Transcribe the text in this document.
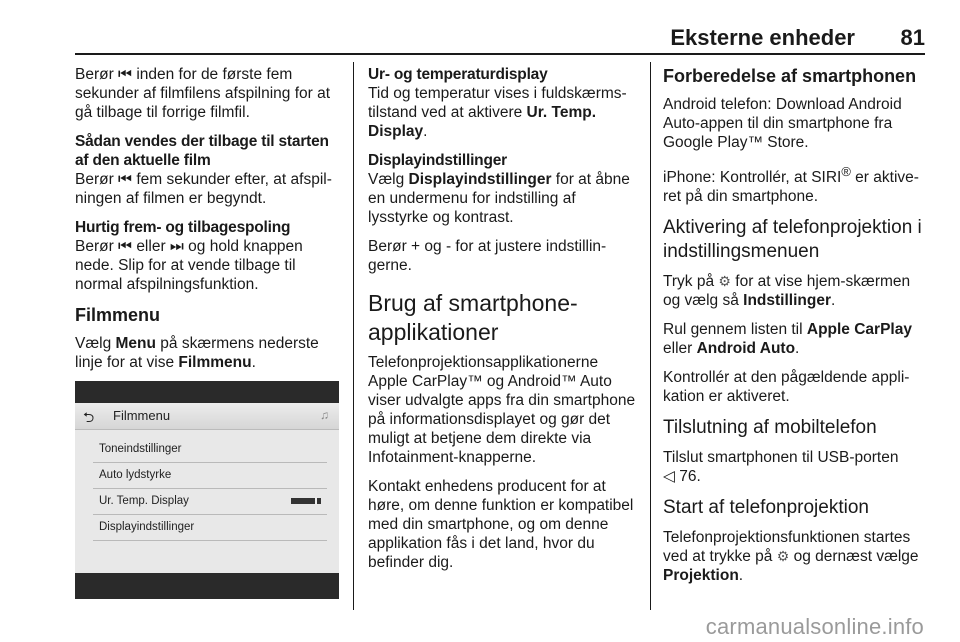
Eksterne enheder 81

Berør ⏮ inden for de første fem sekunder af filmfilens afspilning for at gå tilbage til forrige filmfil.

Sådan vendes der tilbage til starten af den aktuelle film

Berør ⏮ fem sekunder efter, at afspilningen af filmen er begyndt.

Hurtig frem- og tilbagespoling

Berør ⏮ eller ⏭ og hold knappen nede. Slip for at vende tilbage til normal afspilningsfunktion.

Filmmenu

Vælg Menu på skærmens nederste linje for at vise Filmmenu.

⮌ Filmmenu	♫
Toneindstillinger
Auto lydstyrke
Ur. Temp. Display
Displayindstillinger

Ur- og temperaturdisplay

Tid og temperatur vises i fuldskærmstilstand ved at aktivere Ur. Temp. Display.

Displayindstillinger

Vælg Displayindstillinger for at åbne en undermenu for indstilling af lysstyrke og kontrast.

Berør + og - for at justere indstillingerne.

Brug af smartphone-applikationer

Telefonprojektionsapplikationerne Apple CarPlay™ og Android™ Auto viser udvalgte apps fra din smartphone på informationsdisplayet og gør det muligt at betjene dem direkte via Infotainment-knapperne.

Kontakt enhedens producent for at høre, om denne funktion er kompatibel med din smartphone, og om denne applikation fås i det land, hvor du befinder dig.

Forberedelse af smartphonen

Android telefon: Download Android Auto-appen til din smartphone fra Google Play™ Store.

iPhone: Kontrollér, at SIRI® er aktiveret på din smartphone.

Aktivering af telefonprojektion i indstillingsmenuen

Tryk på ⚙ for at vise hjem-skærmen og vælg så Indstillinger.

Rul gennem listen til Apple CarPlay eller Android Auto.

Kontrollér at den pågældende applikation er aktiveret.

Tilslutning af mobiltelefon

Tilslut smartphonen til USB-porten
◁ 76.

Start af telefonprojektion

Telefonprojektionsfunktionen startes ved at trykke på ⚙ og dernæst vælge Projektion.

carmanualsonline.info
